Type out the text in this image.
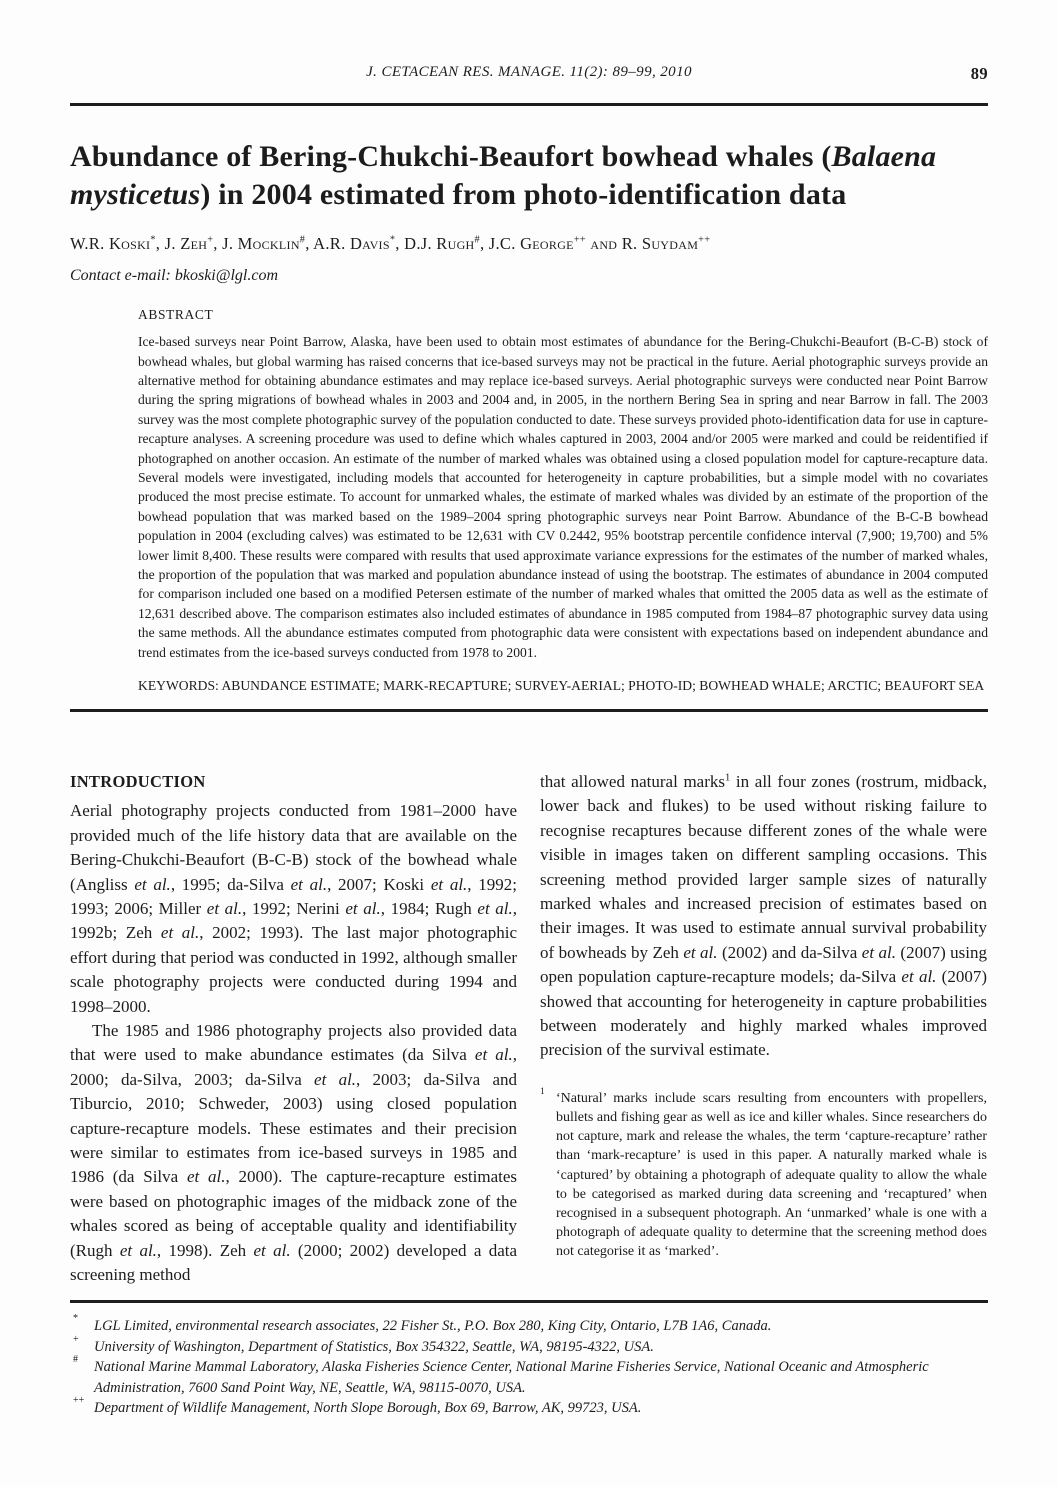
J. CETACEAN RES. MANAGE. 11(2): 89–99, 2010	89
Abundance of Bering-Chukchi-Beaufort bowhead whales (Balaena mysticetus) in 2004 estimated from photo-identification data
W.R. Koski*, J. Zeh+, J. Mocklin#, A.R. Davis*, D.J. Rugh#, J.C. George++ and R. Suydam++
Contact e-mail: bkoski@lgl.com
ABSTRACT

Ice-based surveys near Point Barrow, Alaska, have been used to obtain most estimates of abundance for the Bering-Chukchi-Beaufort (B-C-B) stock of bowhead whales, but global warming has raised concerns that ice-based surveys may not be practical in the future. Aerial photographic surveys provide an alternative method for obtaining abundance estimates and may replace ice-based surveys. Aerial photographic surveys were conducted near Point Barrow during the spring migrations of bowhead whales in 2003 and 2004 and, in 2005, in the northern Bering Sea in spring and near Barrow in fall. The 2003 survey was the most complete photographic survey of the population conducted to date. These surveys provided photo-identification data for use in capture-recapture analyses. A screening procedure was used to define which whales captured in 2003, 2004 and/or 2005 were marked and could be reidentified if photographed on another occasion. An estimate of the number of marked whales was obtained using a closed population model for capture-recapture data. Several models were investigated, including models that accounted for heterogeneity in capture probabilities, but a simple model with no covariates produced the most precise estimate. To account for unmarked whales, the estimate of marked whales was divided by an estimate of the proportion of the bowhead population that was marked based on the 1989–2004 spring photographic surveys near Point Barrow. Abundance of the B-C-B bowhead population in 2004 (excluding calves) was estimated to be 12,631 with CV 0.2442, 95% bootstrap percentile confidence interval (7,900; 19,700) and 5% lower limit 8,400. These results were compared with results that used approximate variance expressions for the estimates of the number of marked whales, the proportion of the population that was marked and population abundance instead of using the bootstrap. The estimates of abundance in 2004 computed for comparison included one based on a modified Petersen estimate of the number of marked whales that omitted the 2005 data as well as the estimate of 12,631 described above. The comparison estimates also included estimates of abundance in 1985 computed from 1984–87 photographic survey data using the same methods. All the abundance estimates computed from photographic data were consistent with expectations based on independent abundance and trend estimates from the ice-based surveys conducted from 1978 to 2001.

KEYWORDS: ABUNDANCE ESTIMATE; MARK-RECAPTURE; SURVEY-AERIAL; PHOTO-ID; BOWHEAD WHALE; ARCTIC; BEAUFORT SEA

INTRODUCTION

Aerial photography projects conducted from 1981–2000 have provided much of the life history data that are available on the Bering-Chukchi-Beaufort (B-C-B) stock of the bowhead whale (Angliss et al., 1995; da-Silva et al., 2007; Koski et al., 1992; 1993; 2006; Miller et al., 1992; Nerini et al., 1984; Rugh et al., 1992b; Zeh et al., 2002; 1993). The last major photographic effort during that period was conducted in 1992, although smaller scale photography projects were conducted during 1994 and 1998–2000.

The 1985 and 1986 photography projects also provided data that were used to make abundance estimates (da Silva et al., 2000; da-Silva, 2003; da-Silva et al., 2003; da-Silva and Tiburcio, 2010; Schweder, 2003) using closed population capture-recapture models. These estimates and their precision were similar to estimates from ice-based surveys in 1985 and 1986 (da Silva et al., 2000). The capture-recapture estimates were based on photographic images of the midback zone of the whales scored as being of acceptable quality and identifiability (Rugh et al., 1998). Zeh et al. (2000; 2002) developed a data screening method

that allowed natural marks$^1$ in all four zones (rostrum, midback, lower back and flukes) to be used without risking failure to recognise recaptures because different zones of the whale were visible in images taken on different sampling occasions. This screening method provided larger sample sizes of naturally marked whales and increased precision of estimates based on their images. It was used to estimate annual survival probability of bowheads by Zeh et al. (2002) and da-Silva et al. (2007) using open population capture-recapture models; da-Silva et al. (2007) showed that accounting for heterogeneity in capture probabilities between moderately and highly marked whales improved precision of the survival estimate.

1 ‘Natural’ marks include scars resulting from encounters with propellers, bullets and fishing gear as well as ice and killer whales. Since researchers do not capture, mark and release the whales, the term ‘capture-recapture’ rather than ‘mark-recapture’ is used in this paper. A naturally marked whale is ‘captured’ by obtaining a photograph of adequate quality to allow the whale to be categorised as marked during data screening and ‘recaptured’ when recognised in a subsequent photograph. An ‘unmarked’ whale is one with a photograph of adequate quality to determine that the screening method does not categorise it as ‘marked’.
* LGL Limited, environmental research associates, 22 Fisher St., P.O. Box 280, King City, Ontario, L7B 1A6, Canada.
+ University of Washington, Department of Statistics, Box 354322, Seattle, WA, 98195-4322, USA.
# National Marine Mammal Laboratory, Alaska Fisheries Science Center, National Marine Fisheries Service, National Oceanic and Atmospheric Administration, 7600 Sand Point Way, NE, Seattle, WA, 98115-0070, USA.
++ Department of Wildlife Management, North Slope Borough, Box 69, Barrow, AK, 99723, USA.
